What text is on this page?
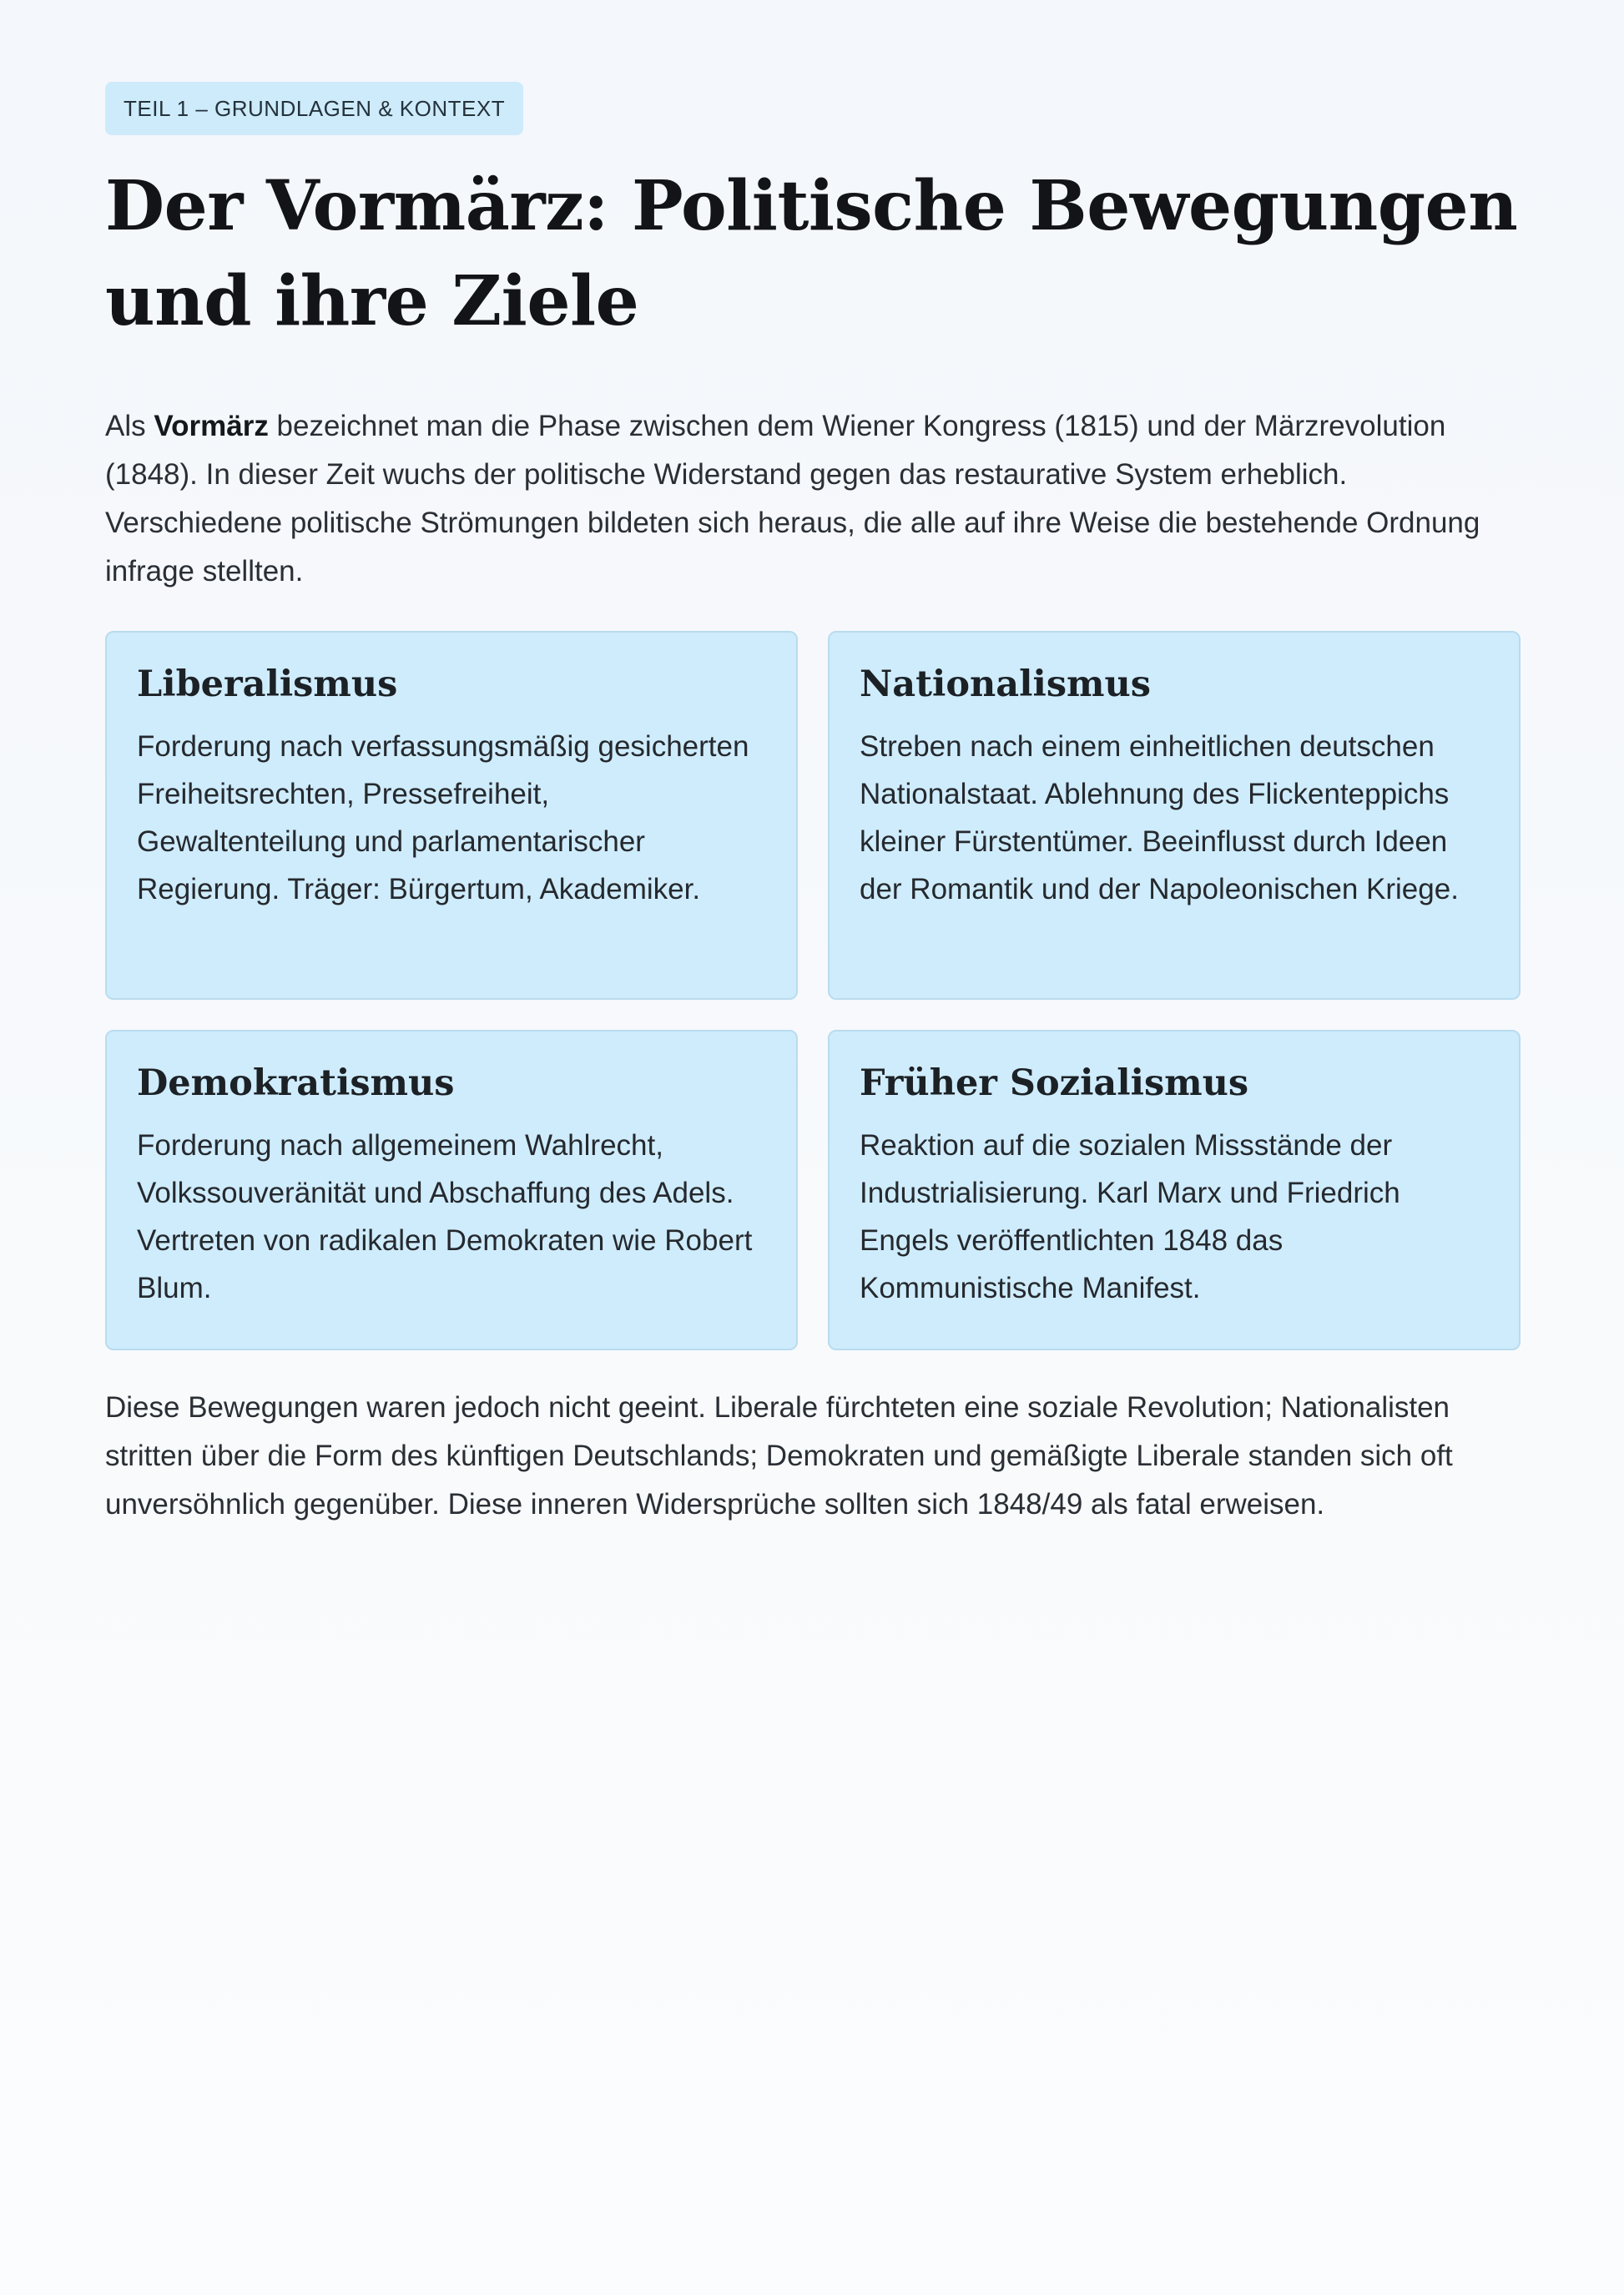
TEIL 1 – GRUNDLAGEN & KONTEXT
Der Vormärz: Politische Bewegungen und ihre Ziele

Als Vormärz bezeichnet man die Phase zwischen dem Wiener Kongress (1815) und der Märzrevolution (1848). In dieser Zeit wuchs der politische Widerstand gegen das restaurative System erheblich. Verschiedene politische Strömungen bildeten sich heraus, die alle auf ihre Weise die bestehende Ordnung infrage stellten.

Liberalismus

Forderung nach verfassungsmäßig gesicherten Freiheitsrechten, Pressefreiheit, Gewaltenteilung und parlamentarischer Regierung. Träger: Bürgertum, Akademiker.

Nationalismus

Streben nach einem einheitlichen deutschen Nationalstaat. Ablehnung des Flickenteppichs kleiner Fürstentümer. Beeinflusst durch Ideen der Romantik und der Napoleonischen Kriege.

Demokratismus

Forderung nach allgemeinem Wahlrecht, Volkssouveränität und Abschaffung des Adels. Vertreten von radikalen Demokraten wie Robert Blum.

Früher Sozialismus

Reaktion auf die sozialen Missstände der Industrialisierung. Karl Marx und Friedrich Engels veröffentlichten 1848 das Kommunistische Manifest.

Diese Bewegungen waren jedoch nicht geeint. Liberale fürchteten eine soziale Revolution; Nationalisten stritten über die Form des künftigen Deutschlands; Demokraten und gemäßigte Liberale standen sich oft unversöhnlich gegenüber. Diese inneren Widersprüche sollten sich 1848/49 als fatal erweisen.
